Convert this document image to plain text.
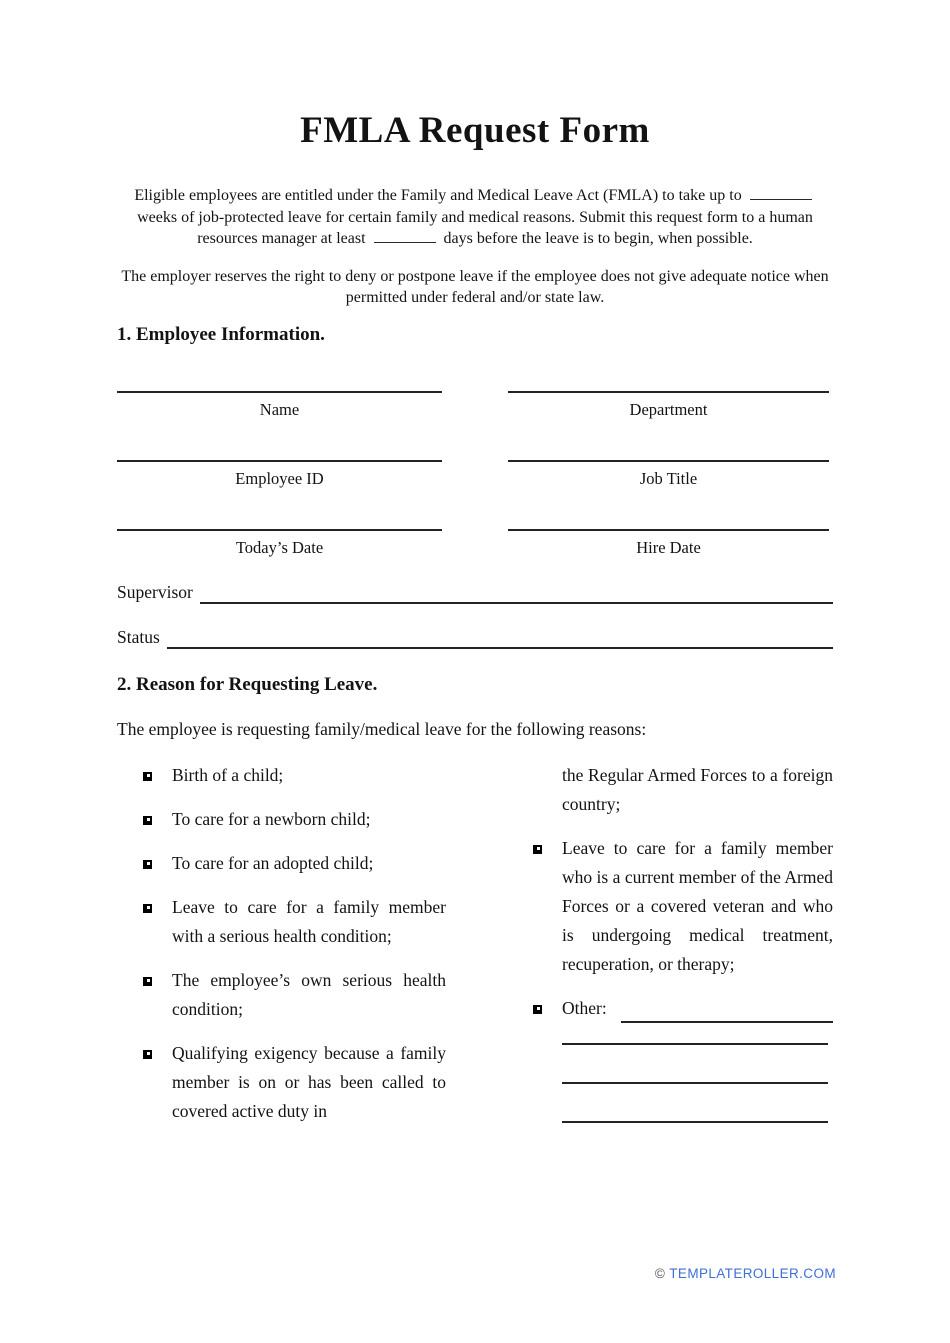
FMLA Request Form

Eligible employees are entitled under the Family and Medical Leave Act (FMLA) to take up to  weeks of job-protected leave for certain family and medical reasons. Submit this request form to a human resources manager at least	days before the leave is to begin, when possible.

The employer reserves the right to deny or postpone leave if the employee does not give adequate notice when permitted under federal and/or state law.

1. Employee Information.
Name	Department
Employee ID	Job Title
Today’s Date	Hire Date
Supervisor
Status
2. Reason for Requesting Leave.

The employee is requesting family/medical leave for the following reasons:

Birth of a child;
To care for a newborn child;
To care for an adopted child;
Leave to care for a family member with a serious health condition;
The employee’s own serious health condition;
Qualifying exigency because a family member is on or has been called to covered active duty in
the Regular Armed Forces to a foreign country;
Leave to care for a family member who is a current member of the Armed Forces or a covered veteran and who is undergoing medical treatment, recuperation, or therapy;
Other:
© TEMPLATEROLLER.COM
